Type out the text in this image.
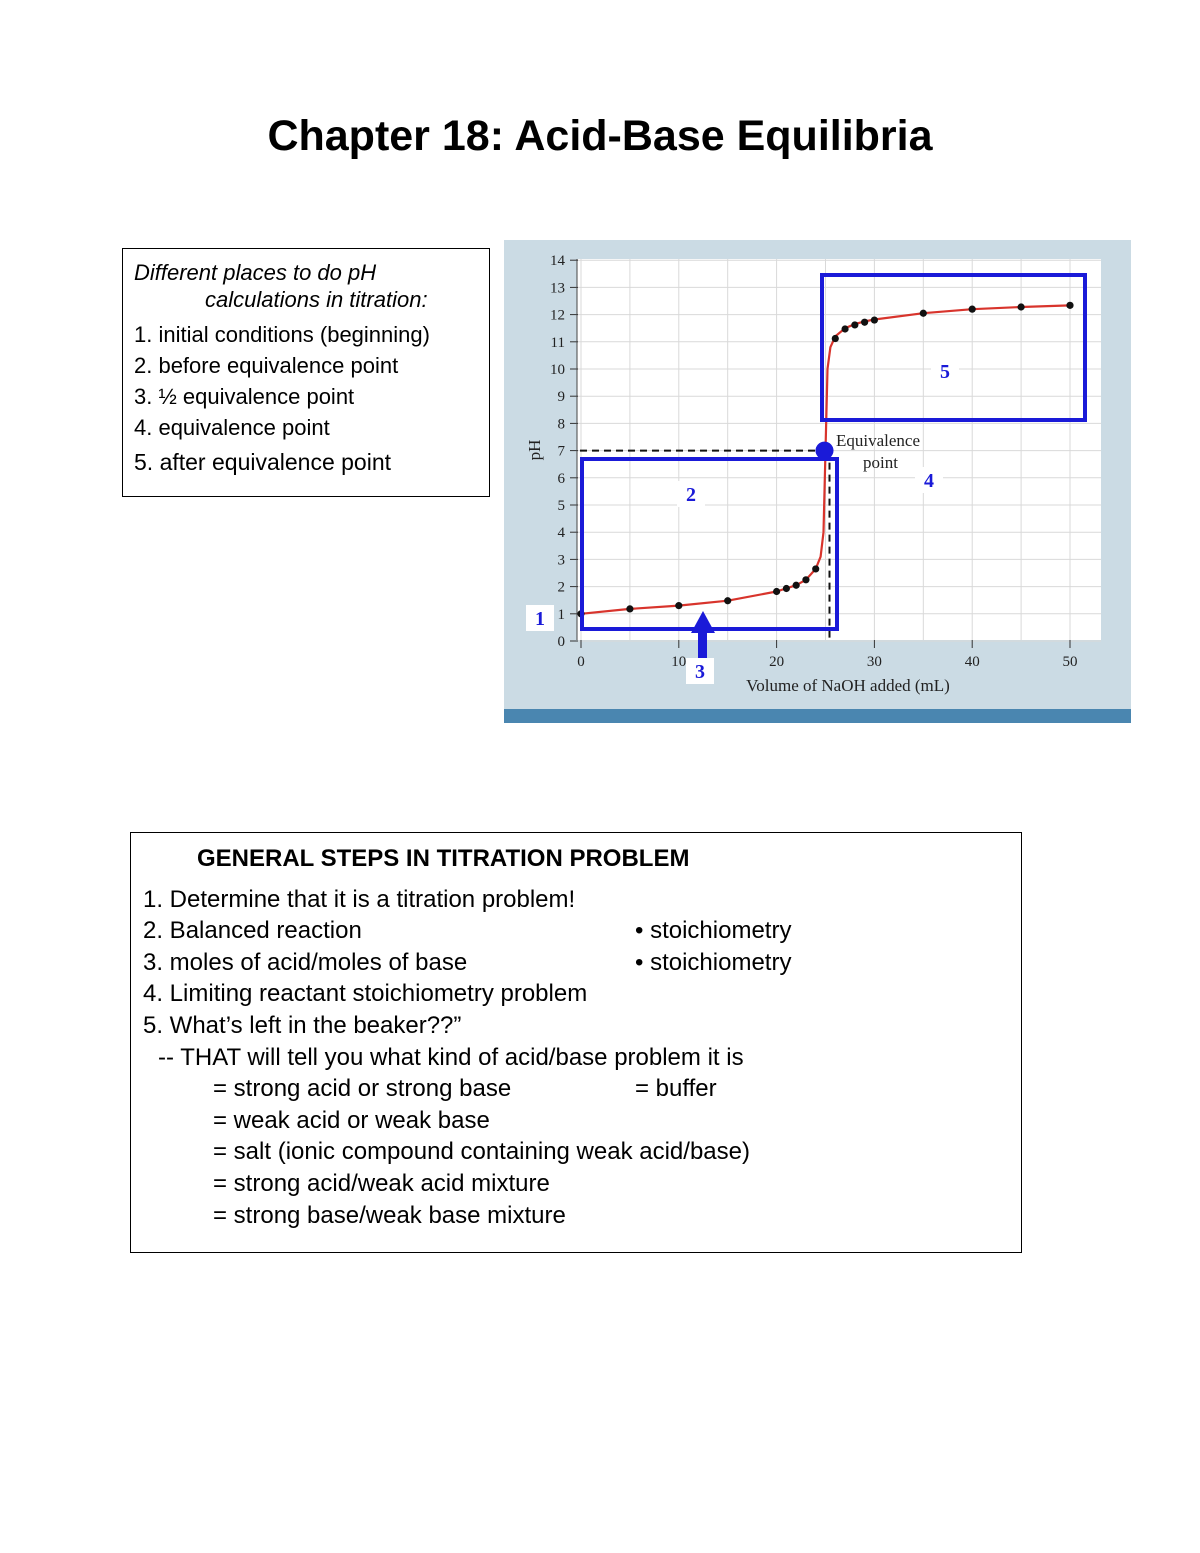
Chapter 18: Acid-Base Equilibria
Different places to do pH
calculations in titration:
1. initial conditions (beginning)
2. before equivalence point
3. ½ equivalence point
4. equivalence point
5. after equivalence point
0
1
2
3
4
5
6
7
8
9
10
11
12
13
14
0	10	20	30	40	50
1
2
3
4
5
Volume of NaOH added (mL)
pH	Equivalence
point
GENERAL STEPS IN TITRATION PROBLEM
1. Determine that it is a titration problem!
2. Balanced reaction	• stoichiometry
3. moles of acid/moles of base	• stoichiometry
4. Limiting reactant stoichiometry problem
5. What’s left in the beaker??”
-- THAT will tell you what kind of acid/base problem it is
= strong acid or strong base	= buffer
= weak acid or weak base
= salt (ionic compound containing weak acid/base)
= strong acid/weak acid mixture
= strong base/weak base mixture
